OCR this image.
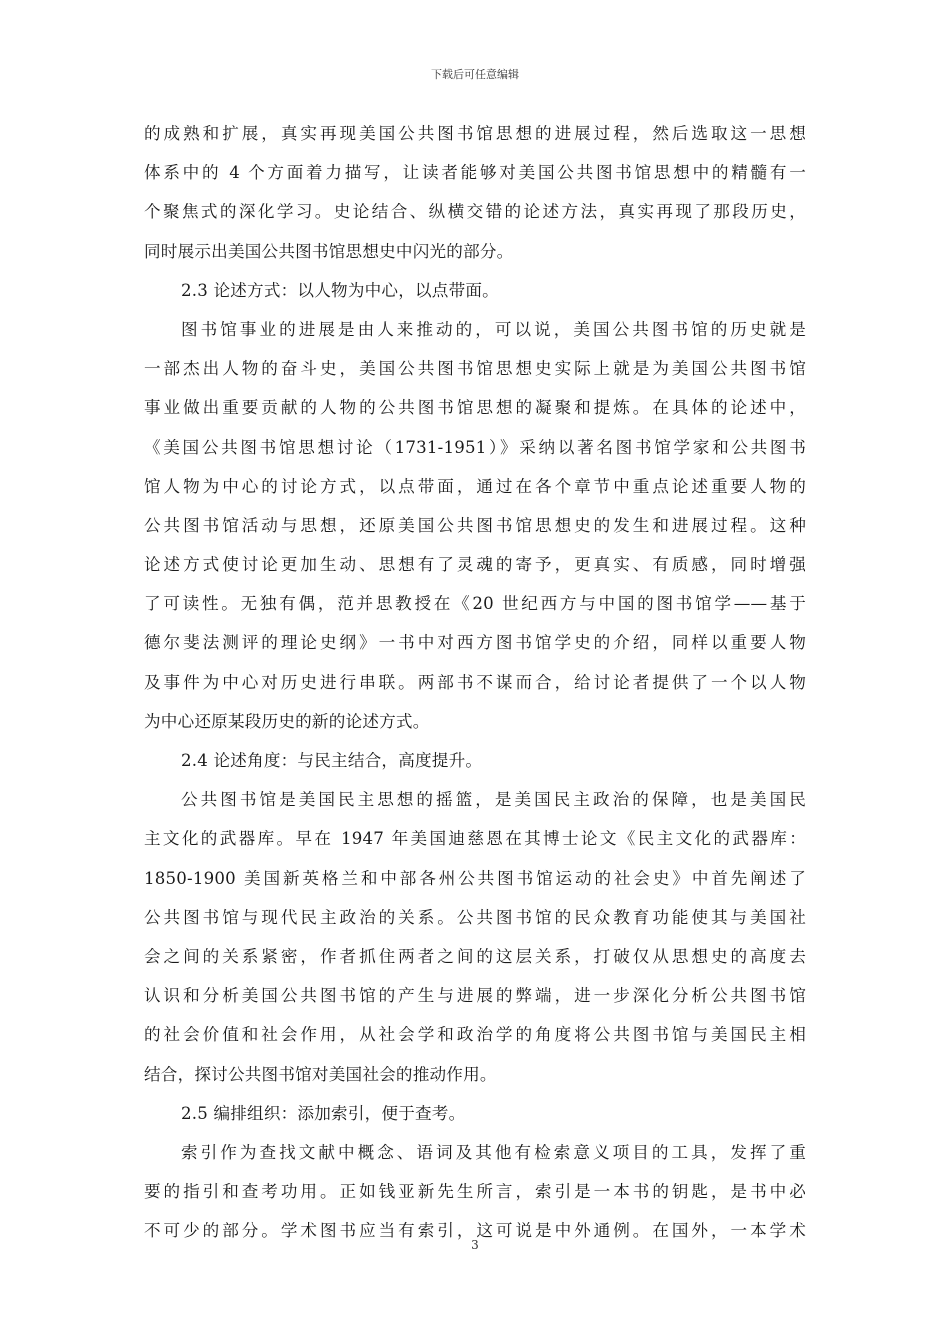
下载后可任意编辑
的成熟和扩展，真实再现美国公共图书馆思想的进展过程，然后选取这一思想
体系中的 4 个方面着力描写，让读者能够对美国公共图书馆思想中的精髓有一
个聚焦式的深化学习。史论结合、纵横交错的论述方法，真实再现了那段历史，
同时展示出美国公共图书馆思想史中闪光的部分。
2.3 论述方式：以人物为中心，以点带面。
图书馆事业的进展是由人来推动的，可以说，美国公共图书馆的历史就是
一部杰出人物的奋斗史，美国公共图书馆思想史实际上就是为美国公共图书馆
事业做出重要贡献的人物的公共图书馆思想的凝聚和提炼。在具体的论述中，
《美国公共图书馆思想讨论（1731-1951）》采纳以著名图书馆学家和公共图书
馆人物为中心的讨论方式，以点带面，通过在各个章节中重点论述重要人物的
公共图书馆活动与思想，还原美国公共图书馆思想史的发生和进展过程。这种
论述方式使讨论更加生动、思想有了灵魂的寄予，更真实、有质感，同时增强
了可读性。无独有偶，范并思教授在《20 世纪西方与中国的图书馆学——基于
德尔斐法测评的理论史纲》一书中对西方图书馆学史的介绍，同样以重要人物
及事件为中心对历史进行串联。两部书不谋而合，给讨论者提供了一个以人物
为中心还原某段历史的新的论述方式。
2.4 论述角度：与民主结合，高度提升。
公共图书馆是美国民主思想的摇篮，是美国民主政治的保障，也是美国民
主文化的武器库。早在 1947 年美国迪慈恩在其博士论文《民主文化的武器库：
1850-1900 美国新英格兰和中部各州公共图书馆运动的社会史》中首先阐述了
公共图书馆与现代民主政治的关系。公共图书馆的民众教育功能使其与美国社
会之间的关系紧密，作者抓住两者之间的这层关系，打破仅从思想史的高度去
认识和分析美国公共图书馆的产生与进展的弊端，进一步深化分析公共图书馆
的社会价值和社会作用，从社会学和政治学的角度将公共图书馆与美国民主相
结合，探讨公共图书馆对美国社会的推动作用。
2.5 编排组织：添加索引，便于查考。
索引作为查找文献中概念、语词及其他有检索意义项目的工具，发挥了重
要的指引和查考功用。正如钱亚新先生所言，索引是一本书的钥匙，是书中必
不可少的部分。学术图书应当有索引，这可说是中外通例。在国外，一本学术
3
